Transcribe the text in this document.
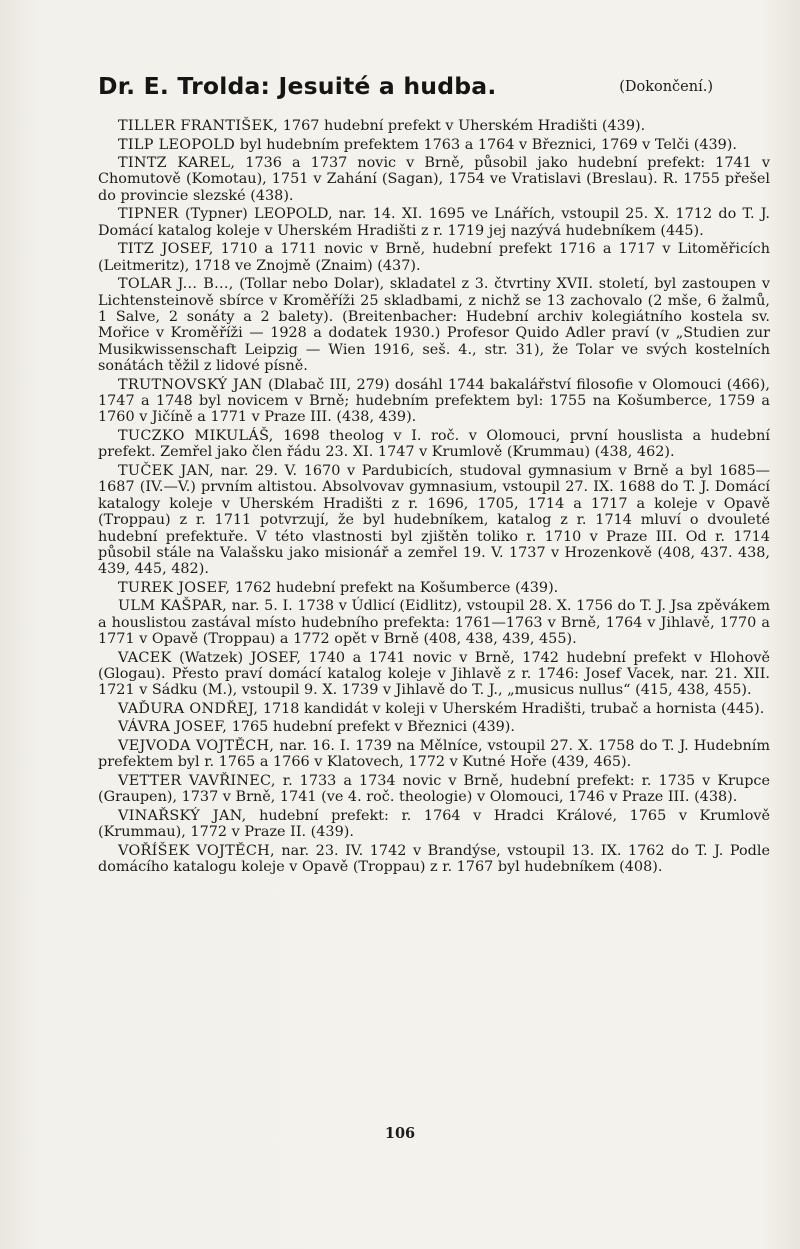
Dr. E. Trolda: Jesuité a hudba.	(Dokončení.)

TILLER FRANTIŠEK, 1767 hudební prefekt v Uherském Hradišti (439).

TILP LEOPOLD byl hudebním prefektem 1763 a 1764 v Březnici, 1769 v Telči (439).

TINTZ KAREL, 1736 a 1737 novic v Brně, působil jako hudební prefekt: 1741 v Chomutově (Komotau), 1751 v Zahání (Sagan), 1754 ve Vratislavi (Breslau). R. 1755 přešel do provincie slezské (438).

TIPNER (Typner) LEOPOLD, nar. 14. XI. 1695 ve Lnářích, vstoupil 25. X. 1712 do T. J. Domácí katalog koleje v Uherském Hradišti z r. 1719 jej nazývá hudebníkem (445).

TITZ JOSEF, 1710 a 1711 novic v Brně, hudební prefekt 1716 a 1717 v Litoměřicích (Leitmeritz), 1718 ve Znojmě (Znaim) (437).

TOLAR J... B..., (Tollar nebo Dolar), skladatel z 3. čtvrtiny XVII. století, byl zastoupen v Lichtensteinově sbírce v Kroměříži 25 skladbami, z nichž se 13 zachovalo (2 mše, 6 žalmů, 1 Salve, 2 sonáty a 2 balety). (Breitenbacher: Hudební archiv kolegiátního kostela sv. Mořice v Kroměříži — 1928 a dodatek 1930.) Profesor Quido Adler praví (v „Studien zur Musikwissenschaft Leipzig — Wien 1916, seš. 4., str. 31), že Tolar ve svých kostelních sonátách těžil z lidové písně.

TRUTNOVSKÝ JAN (Dlabač III, 279) dosáhl 1744 bakalářství filosofie v Olomouci (466), 1747 a 1748 byl novicem v Brně; hudebním prefektem byl: 1755 na Košumberce, 1759 a 1760 v Jičíně a 1771 v Praze III. (438, 439).

TUCZKO MIKULÁŠ, 1698 theolog v I. roč. v Olomouci, první houslista a hudební prefekt. Zemřel jako člen řádu 23. XI. 1747 v Krumlově (Krummau) (438, 462).

TUČEK JAN, nar. 29. V. 1670 v Pardubicích, studoval gymnasium v Brně a byl 1685—1687 (IV.—V.) prvním altistou. Absolvovav gymnasium, vstoupil 27. IX. 1688 do T. J. Domácí katalogy koleje v Uherském Hradišti z r. 1696, 1705, 1714 a 1717 a koleje v Opavě (Troppau) z r. 1711 potvrzují, že byl hudebníkem, katalog z r. 1714 mluví o dvouleté hudební prefektuře. V této vlastnosti byl zjištěn toliko r. 1710 v Praze III. Od r. 1714 působil stále na Valašsku jako misionář a zemřel 19. V. 1737 v Hrozenkově (408, 437. 438, 439, 445, 482).

TUREK JOSEF, 1762 hudební prefekt na Košumberce (439).

ULM KAŠPAR, nar. 5. I. 1738 v Údlicí (Eidlitz), vstoupil 28. X. 1756 do T. J. Jsa zpěvákem a houslistou zastával místo hudebního prefekta: 1761—1763 v Brně, 1764 v Jihlavě, 1770 a 1771 v Opavě (Troppau) a 1772 opět v Brně (408, 438, 439, 455).

VACEK (Watzek) JOSEF, 1740 a 1741 novic v Brně, 1742 hudební prefekt v Hlohově (Glogau). Přesto praví domácí katalog koleje v Jihlavě z r. 1746: Josef Vacek, nar. 21. XII. 1721 v Sádku (M.), vstoupil 9. X. 1739 v Jihlavě do T. J., „musicus nullus“ (415, 438, 455).

VAĎURA ONDŘEJ, 1718 kandidát v koleji v Uherském Hradišti, trubač a hornista (445).

VÁVRA JOSEF, 1765 hudební prefekt v Březnici (439).

VEJVODA VOJTĚCH, nar. 16. I. 1739 na Mělníce, vstoupil 27. X. 1758 do T. J. Hudebním prefektem byl r. 1765 a 1766 v Klatovech, 1772 v Kutné Hoře (439, 465).

VETTER VAVŘINEC, r. 1733 a 1734 novic v Brně, hudební prefekt: r. 1735 v Krupce (Graupen), 1737 v Brně, 1741 (ve 4. roč. theologie) v Olomouci, 1746 v Praze III. (438).

VINAŘSKÝ JAN, hudební prefekt: r. 1764 v Hradci Králové, 1765 v Krumlově (Krummau), 1772 v Praze II. (439).

VOŘÍŠEK VOJTĚCH, nar. 23. IV. 1742 v Brandýse, vstoupil 13. IX. 1762 do T. J. Podle domácího katalogu koleje v Opavě (Troppau) z r. 1767 byl hudebníkem (408).

106
